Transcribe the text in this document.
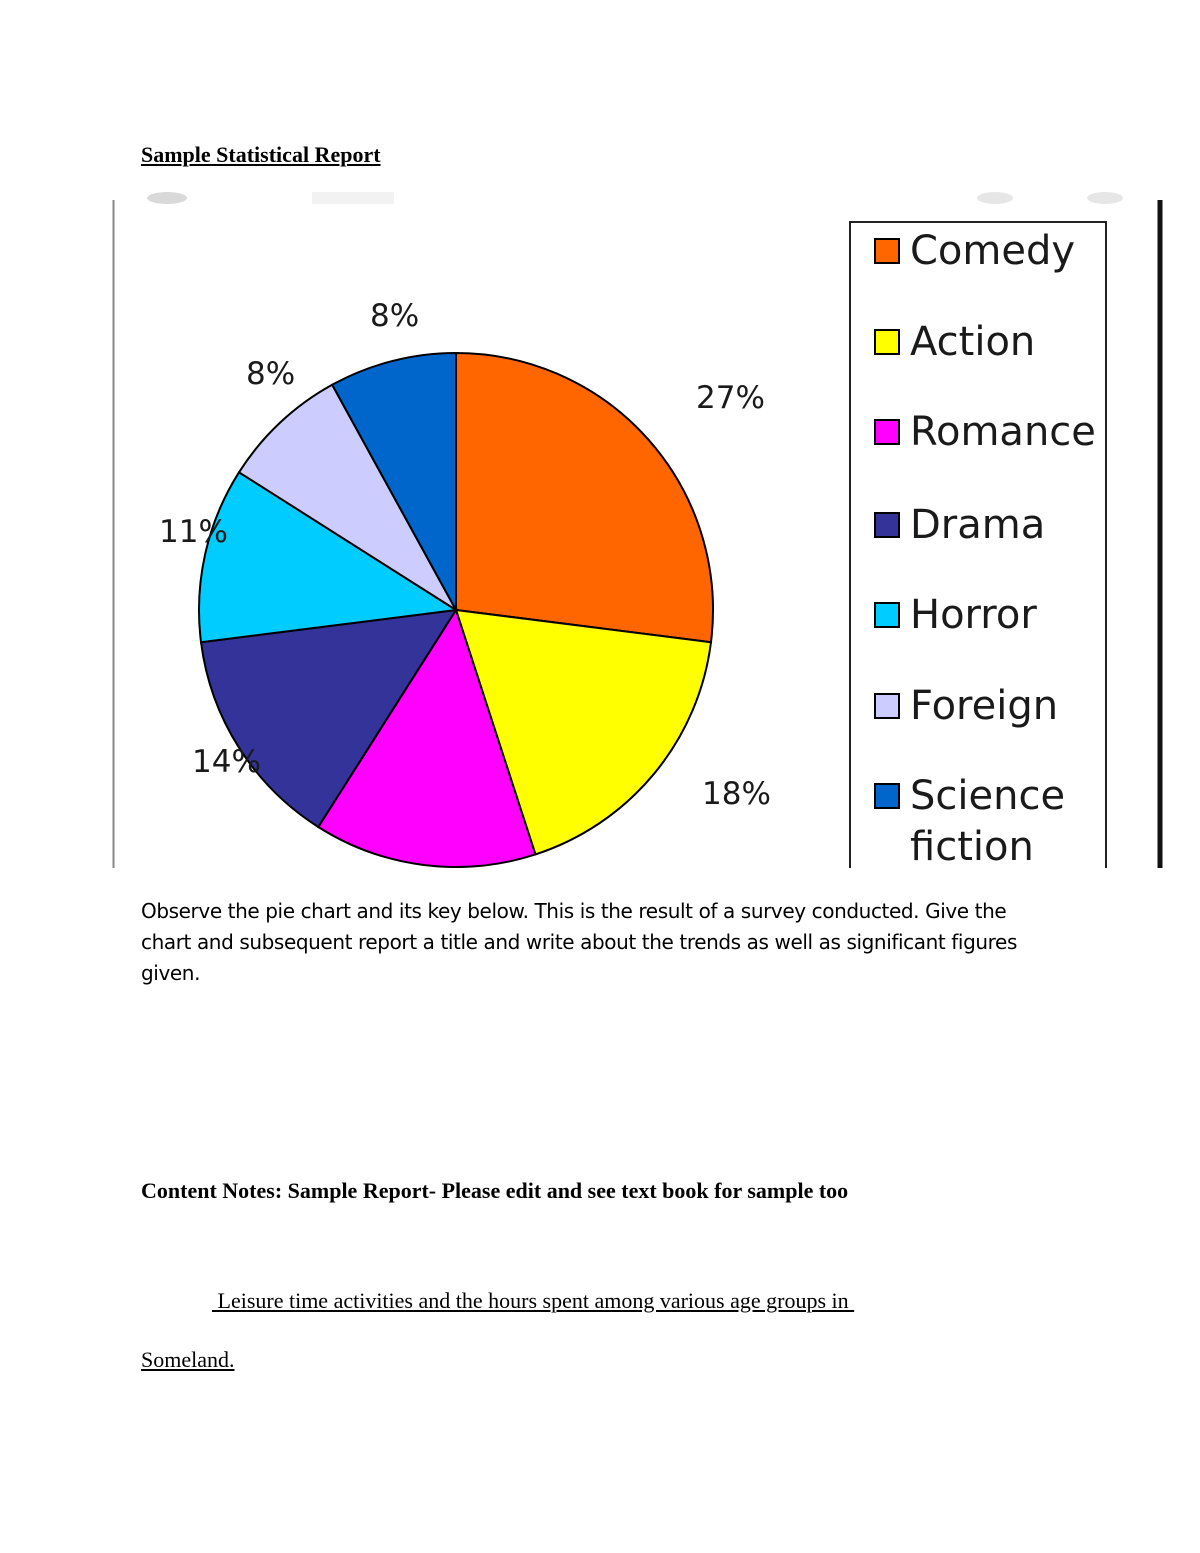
Sample Statistical Report
27%
18%
14%
11%
8%
8%
Comedy
Action
Romance
Drama
Horror
Foreign
Science
fiction
Observe the pie chart and its key below. This is the result of a survey conducted. Give the chart and subsequent report a title and write about the trends as well as significant figures given.
Content Notes: Sample Report- Please edit and see text book for sample too
Leisure time activities and the hours spent among various age groups in
Someland.
